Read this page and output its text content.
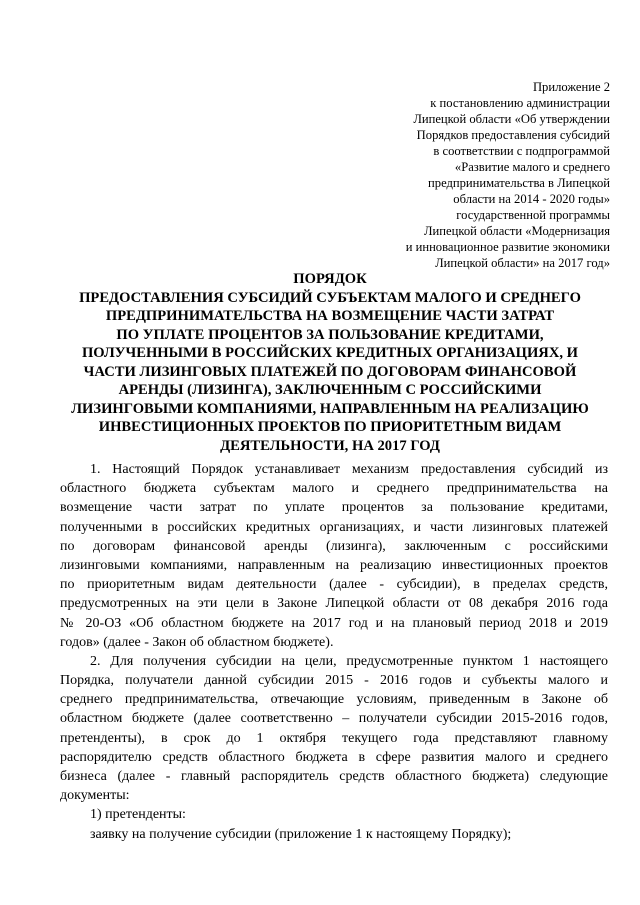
Приложение 2
к постановлению администрации
Липецкой области «Об утверждении
Порядков предоставления субсидий
в соответствии с подпрограммой
«Развитие малого и среднего
предпринимательства в Липецкой
области на 2014 - 2020 годы»
государственной программы
Липецкой области «Модернизация
и инновационное развитие экономики
Липецкой области» на 2017 год»
ПОРЯДОК
ПРЕДОСТАВЛЕНИЯ СУБСИДИЙ СУБЪЕКТАМ МАЛОГО И СРЕДНЕГО
ПРЕДПРИНИМАТЕЛЬСТВА НА ВОЗМЕЩЕНИЕ ЧАСТИ ЗАТРАТ
ПО УПЛАТЕ ПРОЦЕНТОВ ЗА ПОЛЬЗОВАНИЕ КРЕДИТАМИ,
ПОЛУЧЕННЫМИ В РОССИЙСКИХ КРЕДИТНЫХ ОРГАНИЗАЦИЯХ, И
ЧАСТИ ЛИЗИНГОВЫХ ПЛАТЕЖЕЙ ПО ДОГОВОРАМ ФИНАНСОВОЙ
АРЕНДЫ (ЛИЗИНГА), ЗАКЛЮЧЕННЫМ С РОССИЙСКИМИ
ЛИЗИНГОВЫМИ КОМПАНИЯМИ, НАПРАВЛЕННЫМ НА РЕАЛИЗАЦИЮ
ИНВЕСТИЦИОННЫХ ПРОЕКТОВ ПО ПРИОРИТЕТНЫМ ВИДАМ
ДЕЯТЕЛЬНОСТИ, НА 2017 ГОД
1. Настоящий Порядок устанавливает механизм предоставления субсидий из
областного бюджета субъектам малого и среднего предпринимательства на
возмещение части затрат по уплате процентов за пользование кредитами,
полученными в российских кредитных организациях, и части лизинговых платежей
по договорам финансовой аренды (лизинга), заключенным с российскими
лизинговыми компаниями, направленным на реализацию инвестиционных проектов
по приоритетным видам деятельности (далее - субсидии), в пределах средств,
предусмотренных на эти цели в Законе Липецкой области от 08 декабря 2016 года
№ 20-ОЗ «Об областном бюджете на 2017 год и на плановый период 2018 и 2019
годов» (далее - Закон об областном бюджете).
2. Для получения субсидии на цели, предусмотренные пунктом 1 настоящего
Порядка, получатели данной субсидии 2015 - 2016 годов и субъекты малого и
среднего предпринимательства, отвечающие условиям, приведенным в Законе об
областном бюджете (далее соответственно – получатели субсидии 2015-2016 годов,
претенденты), в срок до 1 октября текущего года представляют главному
распорядителю средств областного бюджета в сфере развития малого и среднего
бизнеса (далее - главный распорядитель средств областного бюджета) следующие
документы:
1) претенденты:
заявку на получение субсидии (приложение 1 к настоящему Порядку);
